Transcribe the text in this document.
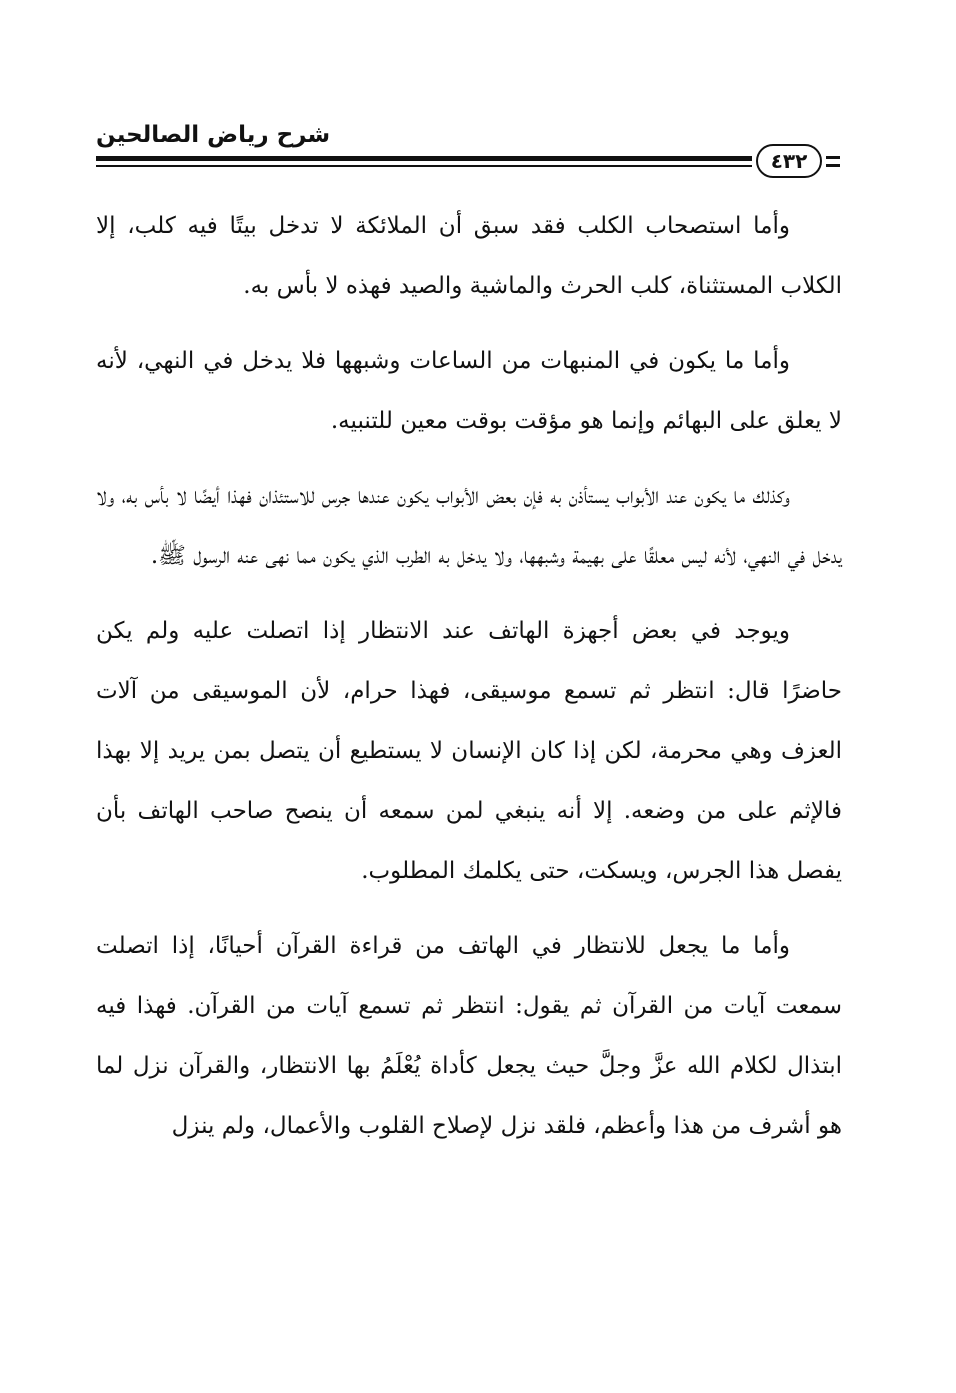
شرح رياض الصالحين
٤٣٢

وأما استصحاب الكلب فقد سبق أن الملائكة لا تدخل بيتًا فيه كلب، إلا الكلاب المستثناة، كلب الحرث والماشية والصيد فهذه لا بأس به.

وأما ما يكون في المنبهات من الساعات وشبهها فلا يدخل في النهي، لأنه لا يعلق على البهائم وإنما هو مؤقت بوقت معين للتنبيه.

وكذلك ما يكون عند الأبواب يستأذن به فإن بعض الأبواب يكون عندها جرس للاستئذان فهذا أيضًا لا بأس به، ولا يدخل في النهي، لأنه ليس معلقًا على بهيمة وشبهها، ولا يدخل به الطرب الذي يكون مما نهى عنه الرسول ﷺ.

ويوجد في بعض أجهزة الهاتف عند الانتظار إذا اتصلت عليه ولم يكن حاضرًا قال: انتظر ثم تسمع موسيقى، فهذا حرام، لأن الموسيقى من آلات العزف وهي محرمة، لكن إذا كان الإنسان لا يستطيع أن يتصل بمن يريد إلا بهذا فالإثم على من وضعه. إلا أنه ينبغي لمن سمعه أن ينصح صاحب الهاتف بأن يفصل هذا الجرس، ويسكت، حتى يكلمك المطلوب.

وأما ما يجعل للانتظار في الهاتف من قراءة القرآن أحيانًا، إذا اتصلت سمعت آيات من القرآن ثم يقول: انتظر ثم تسمع آيات من القرآن. فهذا فيه ابتذال لكلام الله عزَّ وجلَّ حيث يجعل كأداة يُعْلَمُ بها الانتظار، والقرآن نزل لما هو أشرف من هذا وأعظم، فلقد نزل لإصلاح القلوب والأعمال، ولم ينزل
